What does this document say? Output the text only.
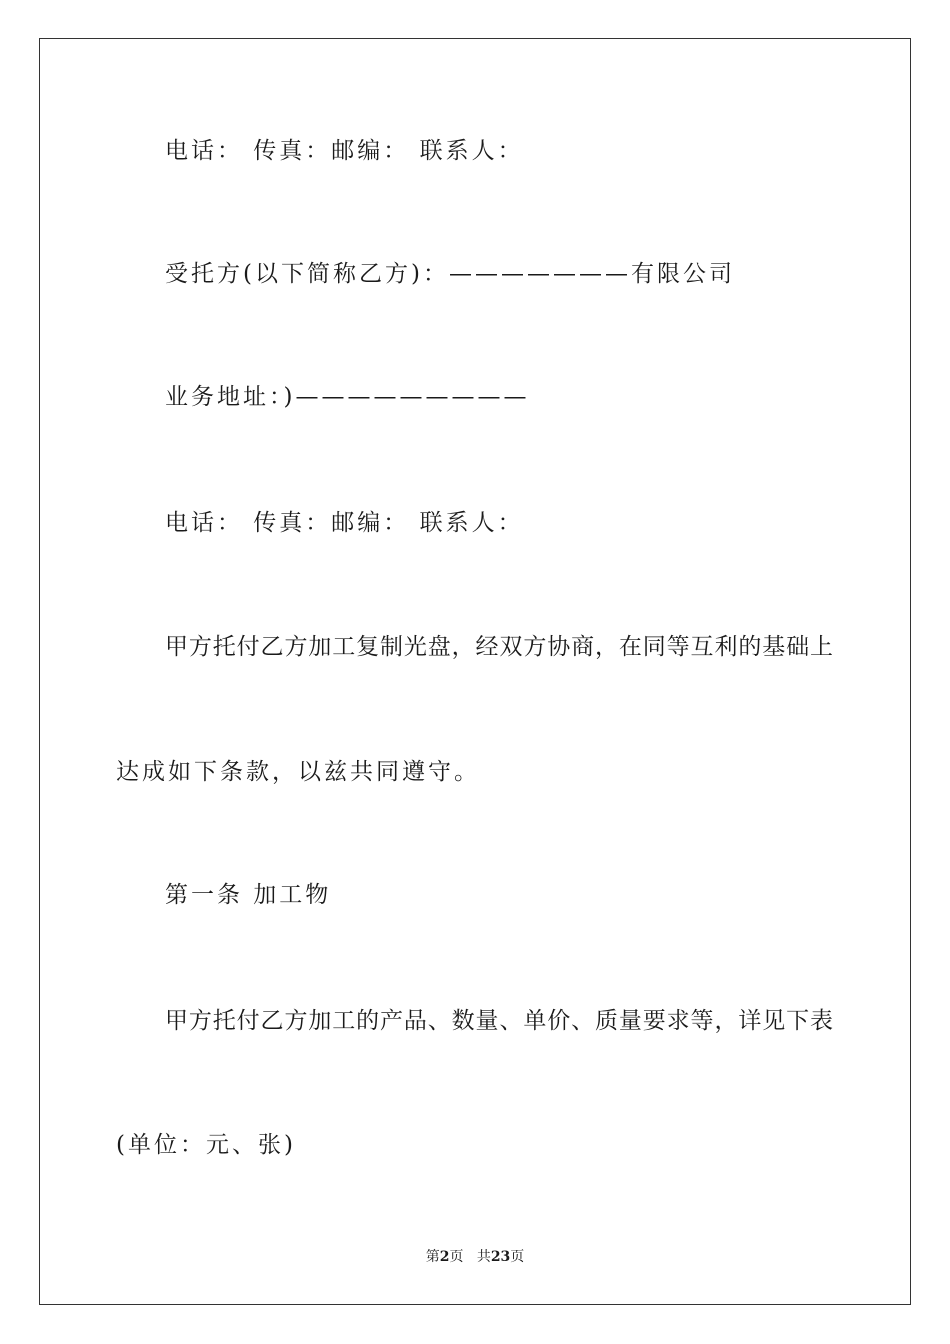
电话： 传真：邮编： 联系人：
受托方(以下简称乙方)：———————有限公司
业务地址：)—————————
电话： 传真：邮编： 联系人：
甲方托付乙方加工复制光盘，经双方协商，在同等互利的基础上
达成如下条款，以兹共同遵守。
第一条 加工物
甲方托付乙方加工的产品、数量、单价、质量要求等，详见下表
(单位：元、张)
第2页 共23页
